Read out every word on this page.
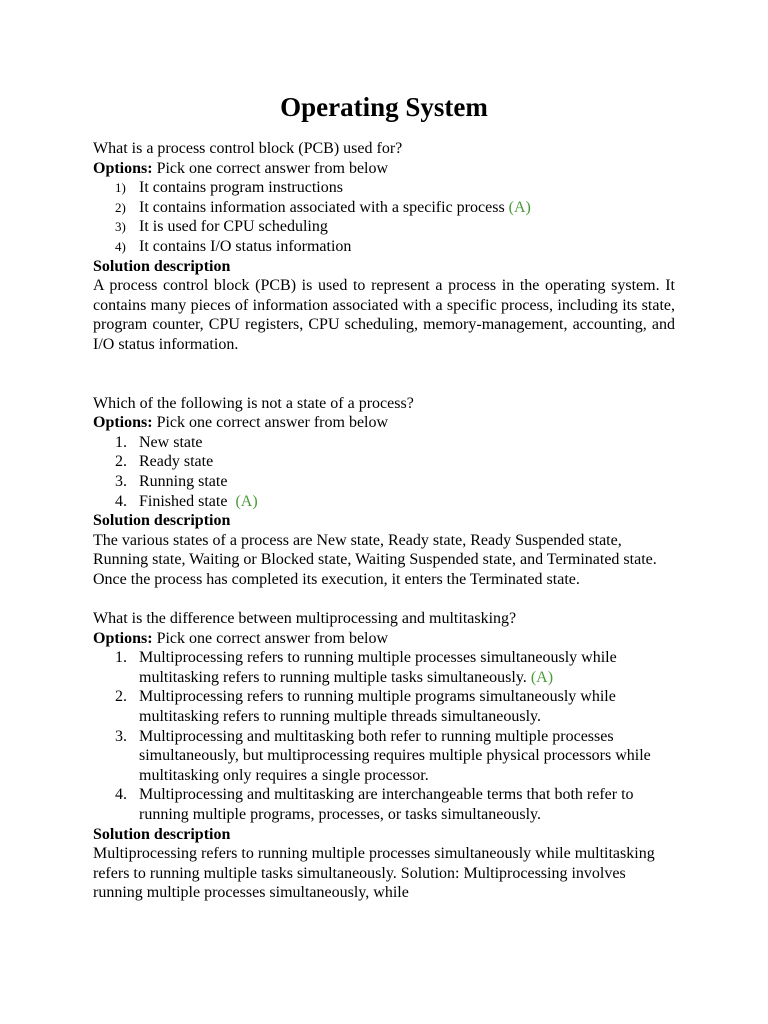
Operating System

What is a process control block (PCB) used for?

Options: Pick one correct answer from below

1) It contains program instructions
2) It contains information associated with a specific process (A)
3) It is used for CPU scheduling
4) It contains I/O status information

Solution description

A process control block (PCB) is used to represent a process in the operating system. It contains many pieces of information associated with a specific process, including its state, program counter, CPU registers, CPU scheduling, memory-management, accounting, and I/O status information.

Which of the following is not a state of a process?

Options: Pick one correct answer from below

1. New state
2. Ready state
3. Running state
4. Finished state  (A)

Solution description

The various states of a process are New state, Ready state, Ready Suspended state, Running state, Waiting or Blocked state, Waiting Suspended state, and Terminated state. Once the process has completed its execution, it enters the Terminated state.

What is the difference between multiprocessing and multitasking?

Options: Pick one correct answer from below

1. Multiprocessing refers to running multiple processes simultaneously while multitasking refers to running multiple tasks simultaneously. (A)
2. Multiprocessing refers to running multiple programs simultaneously while multitasking refers to running multiple threads simultaneously.
3. Multiprocessing and multitasking both refer to running multiple processes simultaneously, but multiprocessing requires multiple physical processors while multitasking only requires a single processor.
4. Multiprocessing and multitasking are interchangeable terms that both refer to running multiple programs, processes, or tasks simultaneously.

Solution description

Multiprocessing refers to running multiple processes simultaneously while multitasking refers to running multiple tasks simultaneously. Solution: Multiprocessing involves running multiple processes simultaneously, while
